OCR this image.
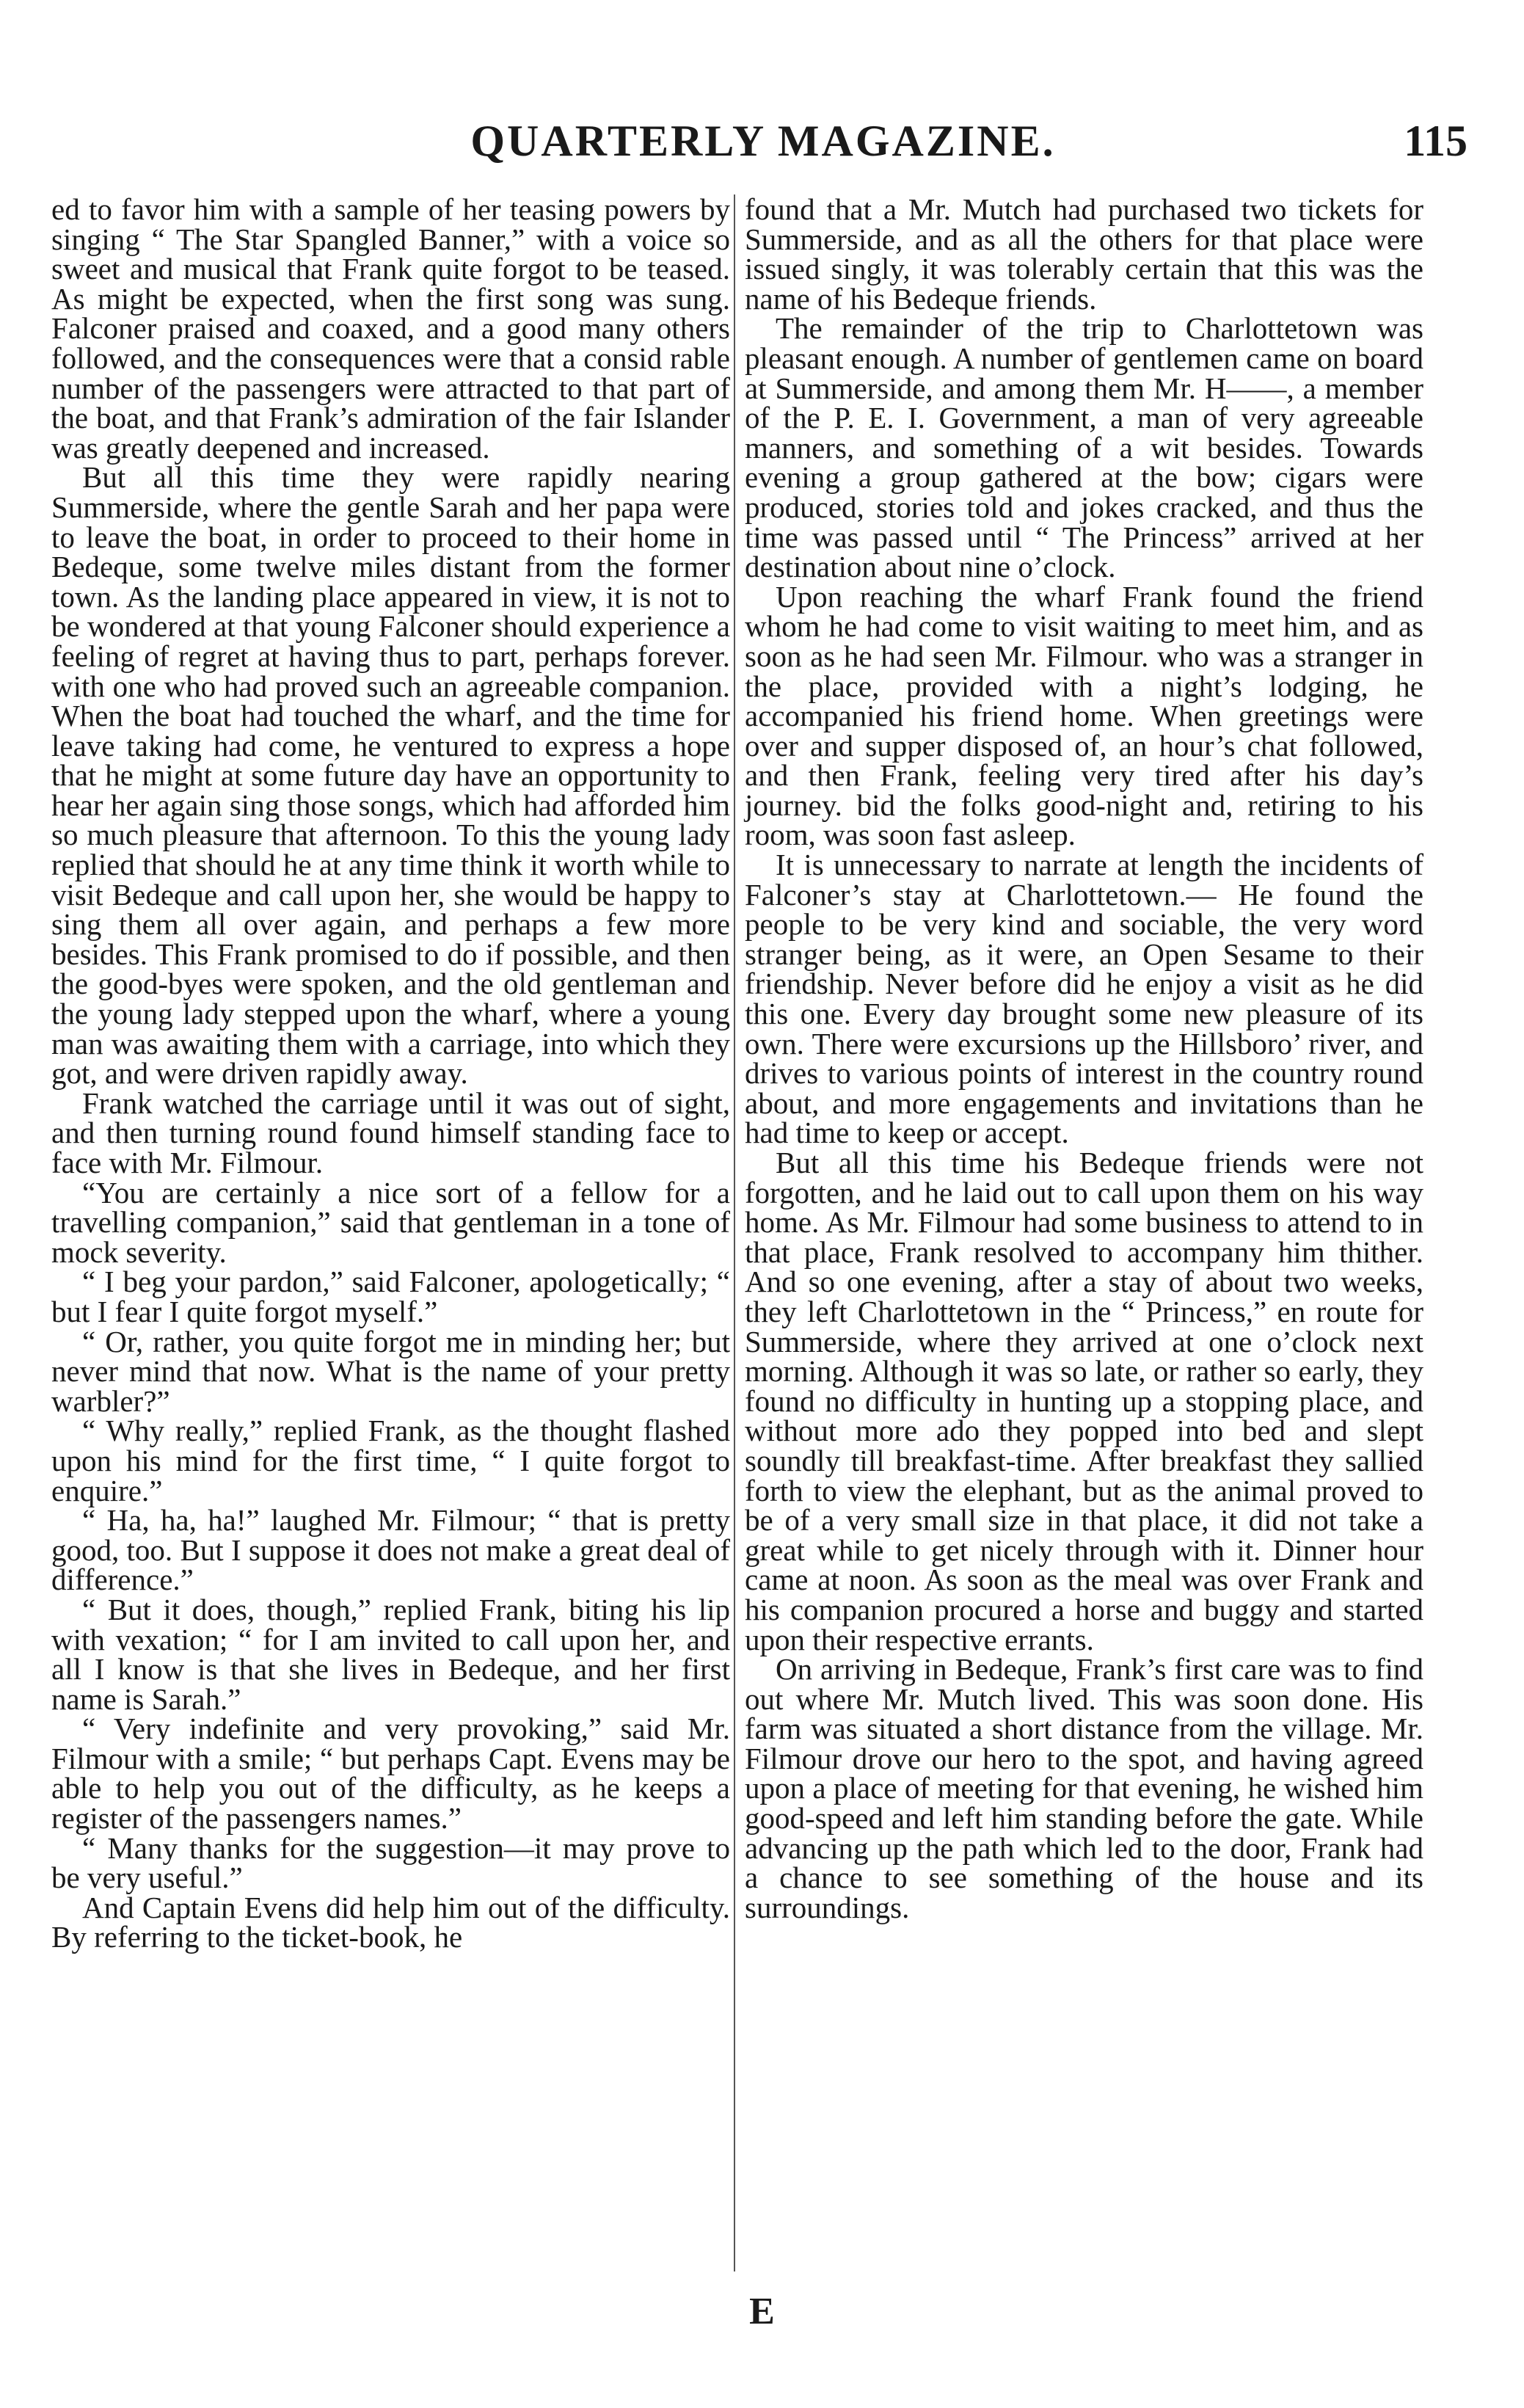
QUARTERLY MAGAZINE.	115

ed to favor him with a sample of her teasing powers by singing “ The Star Spangled Banner,” with a voice so sweet and musical that Frank quite forgot to be teased. As might be expected, when the first song was sung. Falconer praised and coaxed, and a good many others followed, and the consequences were that a consid rable number of the passengers were attracted to that part of the boat, and that Frank’s admiration of the fair Islander was greatly deepened and increased.

But all this time they were rapidly nearing Summerside, where the gentle Sarah and her papa were to leave the boat, in order to proceed to their home in Bedeque, some twelve miles distant from the former town. As the landing place appeared in view, it is not to be wondered at that young Falconer should experience a feeling of regret at having thus to part, perhaps forever. with one who had proved such an agreeable companion. When the boat had touched the wharf, and the time for leave taking had come, he ventured to express a hope that he might at some future day have an opportunity to hear her again sing those songs, which had afforded him so much pleasure that afternoon. To this the young lady replied that should he at any time think it worth while to visit Bedeque and call upon her, she would be happy to sing them all over again, and perhaps a few more besides. This Frank promised to do if possible, and then the good-byes were spoken, and the old gentleman and the young lady stepped upon the wharf, where a young man was awaiting them with a carriage, into which they got, and were driven rapidly away.

Frank watched the carriage until it was out of sight, and then turning round found himself standing face to face with Mr. Filmour.

“You are certainly a nice sort of a fellow for a travelling companion,” said that gentleman in a tone of mock severity.

“ I beg your pardon,” said Falconer, apologetically; “ but I fear I quite forgot myself.”

“ Or, rather, you quite forgot me in minding her; but never mind that now. What is the name of your pretty warbler?”

“ Why really,” replied Frank, as the thought flashed upon his mind for the first time, “ I quite forgot to enquire.”

“ Ha, ha, ha!” laughed Mr. Filmour; “ that is pretty good, too. But I suppose it does not make a great deal of difference.”

“ But it does, though,” replied Frank, biting his lip with vexation; “ for I am invited to call upon her, and all I know is that she lives in Bedeque, and her first name is Sarah.”

“ Very indefinite and very provoking,” said Mr. Filmour with a smile; “ but perhaps Capt. Evens may be able to help you out of the difficulty, as he keeps a register of the passengers names.”

“ Many thanks for the suggestion—it may prove to be very useful.”

And Captain Evens did help him out of the difficulty. By referring to the ticket-book, he

found that a Mr. Mutch had purchased two tickets for Summerside, and as all the others for that place were issued singly, it was tolerably certain that this was the name of his Bedeque friends.

The remainder of the trip to Charlottetown was pleasant enough. A number of gentlemen came on board at Summerside, and among them Mr. H——, a member of the P. E. I. Government, a man of very agreeable manners, and something of a wit besides. Towards evening a group gathered at the bow; cigars were produced, stories told and jokes cracked, and thus the time was passed until “ The Princess” arrived at her destination about nine o’clock.

Upon reaching the wharf Frank found the friend whom he had come to visit waiting to meet him, and as soon as he had seen Mr. Filmour. who was a stranger in the place, provided with a night’s lodging, he accompanied his friend home. When greetings were over and supper disposed of, an hour’s chat followed, and then Frank, feeling very tired after his day’s journey. bid the folks good-night and, retiring to his room, was soon fast asleep.

It is unnecessary to narrate at length the incidents of Falconer’s stay at Charlottetown.— He found the people to be very kind and sociable, the very word stranger being, as it were, an Open Sesame to their friendship. Never before did he enjoy a visit as he did this one. Every day brought some new pleasure of its own. There were excursions up the Hillsboro’ river, and drives to various points of interest in the country round about, and more engagements and invitations than he had time to keep or accept.

But all this time his Bedeque friends were not forgotten, and he laid out to call upon them on his way home. As Mr. Filmour had some business to attend to in that place, Frank resolved to accompany him thither. And so one evening, after a stay of about two weeks, they left Charlottetown in the “ Princess,” en route for Summerside, where they arrived at one o’clock next morning. Although it was so late, or rather so early, they found no difficulty in hunting up a stopping place, and without more ado they popped into bed and slept soundly till breakfast-time. After breakfast they sallied forth to view the elephant, but as the animal proved to be of a very small size in that place, it did not take a great while to get nicely through with it. Dinner hour came at noon. As soon as the meal was over Frank and his companion procured a horse and buggy and started upon their respective errants.

On arriving in Bedeque, Frank’s first care was to find out where Mr. Mutch lived. This was soon done. His farm was situated a short distance from the village. Mr. Filmour drove our hero to the spot, and having agreed upon a place of meeting for that evening, he wished him good-speed and left him standing before the gate. While advancing up the path which led to the door, Frank had a chance to see something of the house and its surroundings.

E
